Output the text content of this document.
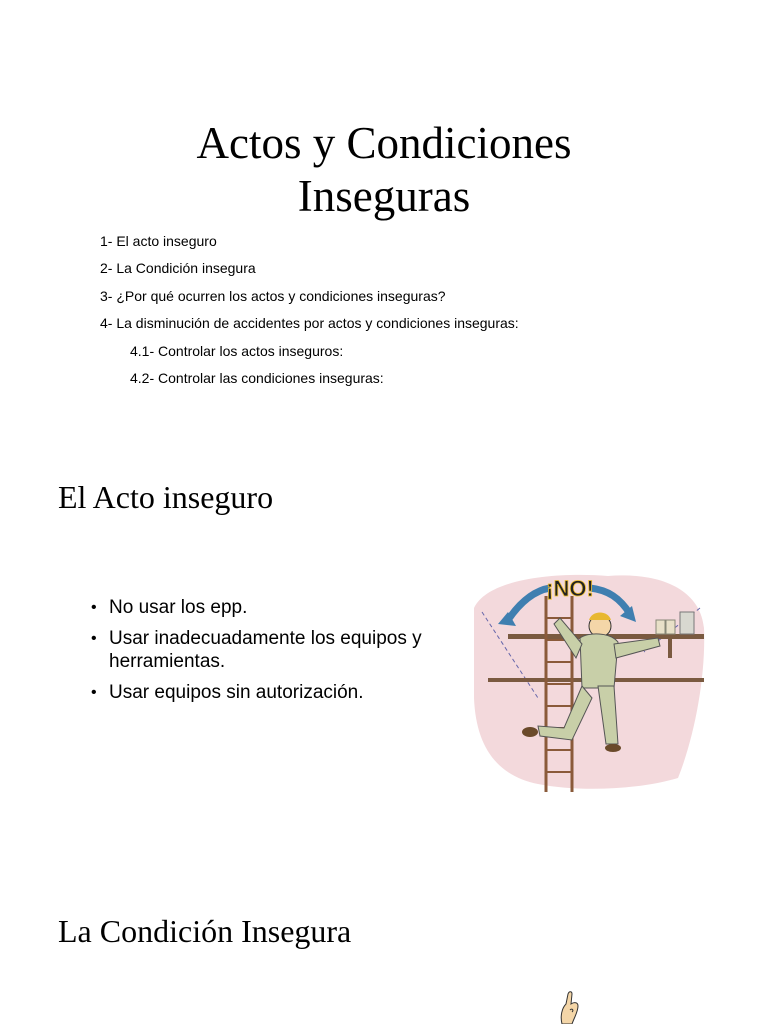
Actos y Condiciones
Inseguras
1- El acto inseguro
2- La Condición insegura
3- ¿Por qué ocurren los actos y condiciones inseguras?
4- La disminución de accidentes por actos y condiciones inseguras:
4.1- Controlar los actos inseguros:
4.2- Controlar las condiciones inseguras:
El Acto inseguro
• No usar los epp.
• Usar inadecuadamente los equipos y herramientas.
• Usar equipos sin autorización.
¡NO!
La Condición Insegura
